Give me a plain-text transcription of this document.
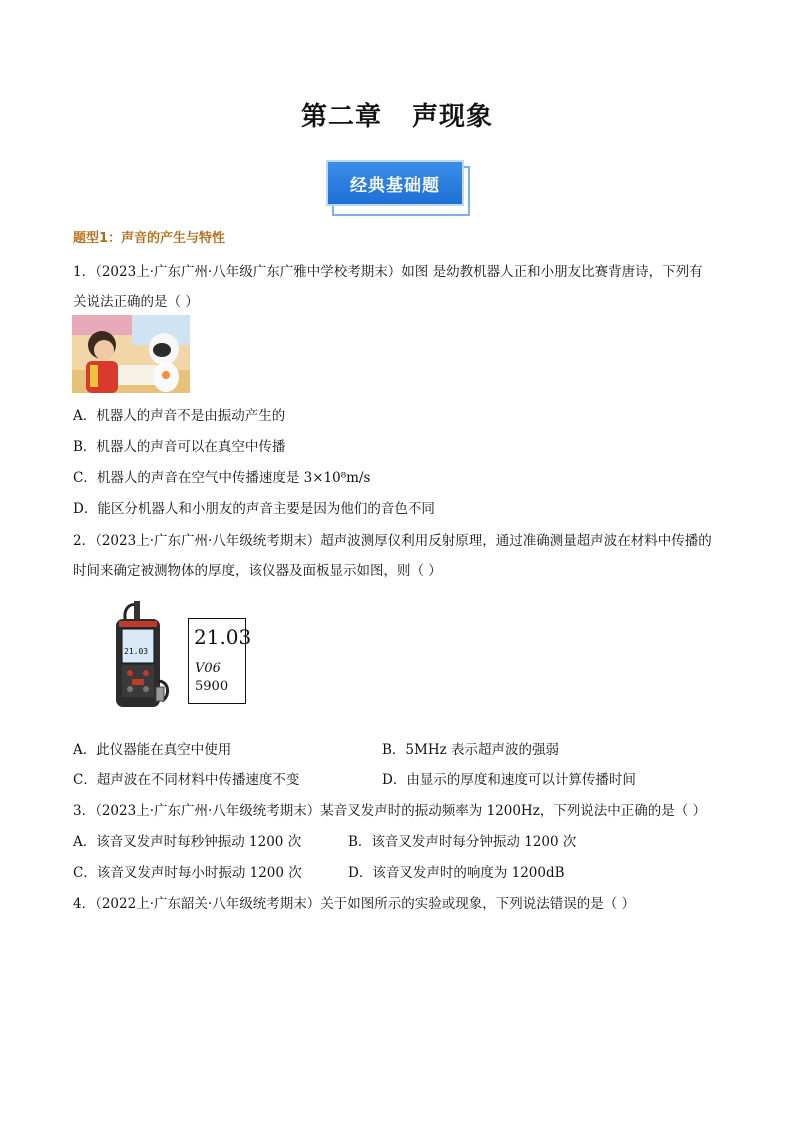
第二章 声现象
经典基础题
题型1：声音的产生与特性
1．（2023上·广东广州·八年级广东广雅中学校考期末）如图 是幼教机器人正和小朋友比赛背唐诗，下列有
关说法正确的是（ ）
A．机器人的声音不是由振动产生的
B．机器人的声音可以在真空中传播
C．机器人的声音在空气中传播速度是 3×10⁸m/s
D．能区分机器人和小朋友的声音主要是因为他们的音色不同
2．（2023上·广东广州·八年级统考期末）超声波测厚仪利用反射原理，通过准确测量超声波在材料中传播的
时间来确定被测物体的厚度，该仪器及面板显示如图，则（ ）
21.03
21.03
V06
5900
A．此仪器能在真空中使用	B．5MHz 表示超声波的强弱
C．超声波在不同材料中传播速度不变	D．由显示的厚度和速度可以计算传播时间
3．（2023上·广东广州·八年级统考期末）某音叉发声时的振动频率为 1200Hz，下列说法中正确的是（ ）
A．该音叉发声时每秒钟振动 1200 次	B．该音叉发声时每分钟振动 1200 次
C．该音叉发声时每小时振动 1200 次	D．该音叉发声时的响度为 1200dB
4．（2022上·广东韶关·八年级统考期末）关于如图所示的实验或现象，下列说法错误的是（ ）
